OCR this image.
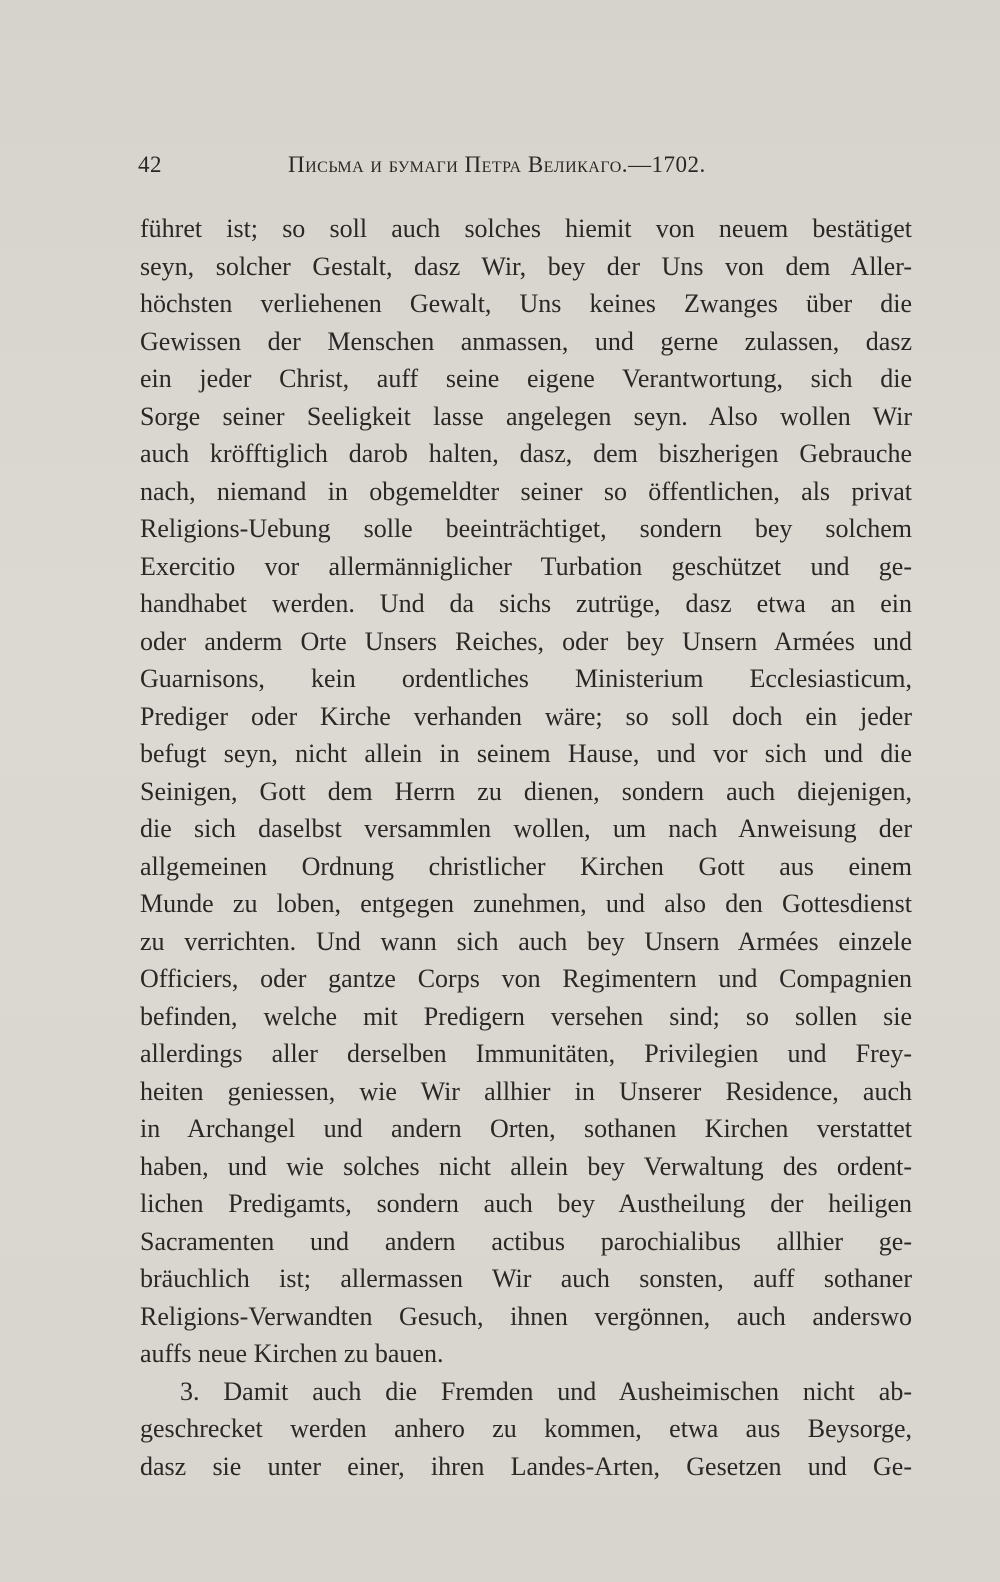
42	Письма и бумаги Петра Великаго.—1702.
führet ist; so soll auch solches hiemit von neuem bestätiget
seyn, solcher Gestalt, dasz Wir, bey der Uns von dem Aller-
höchsten verliehenen Gewalt, Uns keines Zwanges über die
Gewissen der Menschen anmassen, und gerne zulassen, dasz
ein jeder Christ, auff seine eigene Verantwortung, sich die
Sorge seiner Seeligkeit lasse angelegen seyn. Also wollen Wir
auch kröfftiglich darob halten, dasz, dem biszherigen Gebrauche
nach, niemand in obgemeldter seiner so öffentlichen, als privat
Religions-Uebung solle beeinträchtiget, sondern bey solchem
Exercitio vor allermänniglicher Turbation geschützet und ge-
handhabet werden. Und da sichs zutrüge, dasz etwa an ein
oder anderm Orte Unsers Reiches, oder bey Unsern Armées und
Guarnisons, kein ordentliches Ministerium Ecclesiasticum,
Prediger oder Kirche verhanden wäre; so soll doch ein jeder
befugt seyn, nicht allein in seinem Hause, und vor sich und die
Seinigen, Gott dem Herrn zu dienen, sondern auch diejenigen,
die sich daselbst versammlen wollen, um nach Anweisung der
allgemeinen Ordnung christlicher Kirchen Gott aus einem
Munde zu loben, entgegen zunehmen, und also den Gottesdienst
zu verrichten. Und wann sich auch bey Unsern Armées einzele
Officiers, oder gantze Corps von Regimentern und Compagnien
befinden, welche mit Predigern versehen sind; so sollen sie
allerdings aller derselben Immunitäten, Privilegien und Frey-
heiten geniessen, wie Wir allhier in Unserer Residence, auch
in Archangel und andern Orten, sothanen Kirchen verstattet
haben, und wie solches nicht allein bey Verwaltung des ordent-
lichen Predigamts, sondern auch bey Austheilung der heiligen
Sacramenten und andern actibus parochialibus allhier ge-
bräuchlich ist; allermassen Wir auch sonsten, auff sothaner
Religions-Verwandten Gesuch, ihnen vergönnen, auch anderswo
auffs neue Kirchen zu bauen.
3. Damit auch die Fremden und Ausheimischen nicht ab-
geschrecket werden anhero zu kommen, etwa aus Beysorge,
dasz sie unter einer, ihren Landes-Arten, Gesetzen und Ge-
